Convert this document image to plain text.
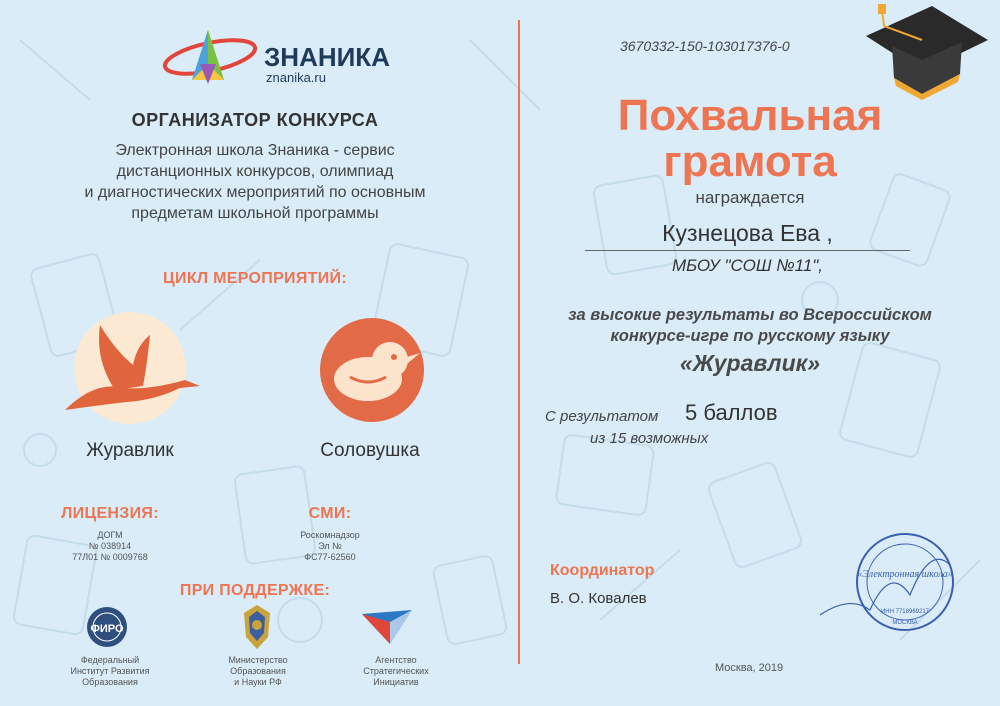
ЗНАНИКА
znanika.ru
ОРГАНИЗАТОР КОНКУРСА
Электронная школа Знаника - сервис
дистанционных конкурсов, олимпиад
и диагностических мероприятий по основным
предметам школьной программы
ЦИКЛ МЕРОПРИЯТИЙ:
Журавлик	Соловушка
ЛИЦЕНЗИЯ:
ДОГМ
№ 038914
77Л01 № 0009768
СМИ:
Роскомнадзор
Эл №
ФС77-62560
ПРИ ПОДДЕРЖКЕ:
ФИРО
Федеральный
Институт Развития
Образования
Министерство
Образования
и Науки РФ
Агентство
Стратегических
Инициатив
3670332-150-103017376-0
Похвальная
грамота
награждается
Кузнецова Ева ,
МБОУ "СОШ №11",
за высокие результаты во Всероссийском
конкурсе-игре по русскому языку
«Журавлик»
С результатом 5 баллов
из 15 возможных
Координатор
В. О. Ковалев
«Электронная школа»
ИНН 7718969217
МОСКВА
Москва, 2019
